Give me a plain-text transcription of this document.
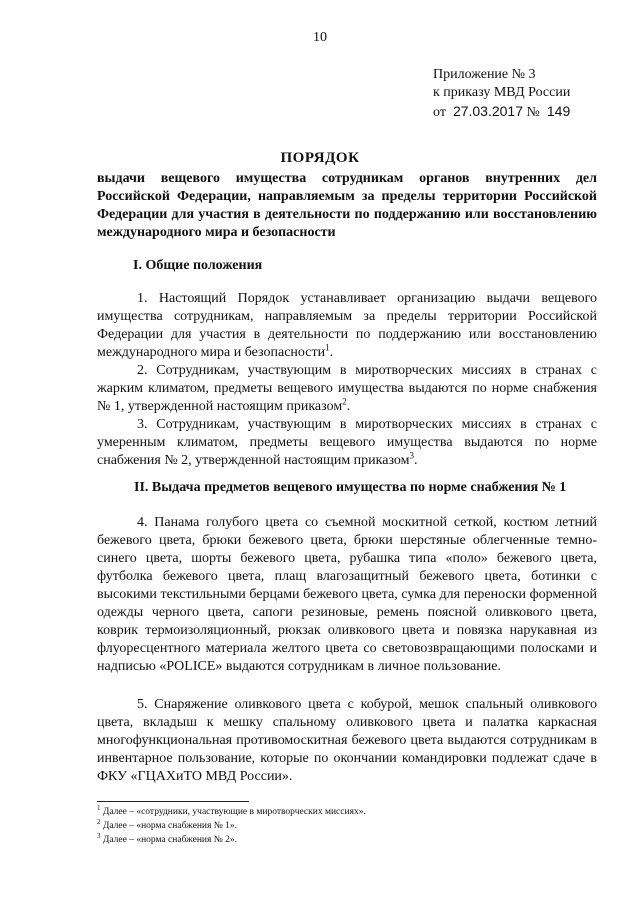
10
Приложение № 3
к приказу МВД России
от 27.03.2017 № 149
ПОРЯДОК
выдачи вещевого имущества сотрудникам органов внутренних дел Российской Федерации, направляемым за пределы территории Российской Федерации для участия в деятельности по поддержанию или восстановлению международного мира и безопасности
I. Общие положения
1. Настоящий Порядок устанавливает организацию выдачи вещевого имущества сотрудникам, направляемым за пределы территории Российской Федерации для участия в деятельности по поддержанию или восстановлению международного мира и безопасности$^1$.
2. Сотрудникам, участвующим в миротворческих миссиях в странах с жарким климатом, предметы вещевого имущества выдаются по норме снабжения № 1, утвержденной настоящим приказом$^2$.
3. Сотрудникам, участвующим в миротворческих миссиях в странах с умеренным климатом, предметы вещевого имущества выдаются по норме снабжения № 2, утвержденной настоящим приказом$^3$.
II. Выдача предметов вещевого имущества по норме снабжения № 1
4. Панама голубого цвета со съемной москитной сеткой, костюм летний бежевого цвета, брюки бежевого цвета, брюки шерстяные облегченные темно-синего цвета, шорты бежевого цвета, рубашка типа «поло» бежевого цвета, футболка бежевого цвета, плащ влагозащитный бежевого цвета, ботинки с высокими текстильными берцами бежевого цвета, сумка для переноски форменной одежды черного цвета, сапоги резиновые, ремень поясной оливкового цвета, коврик термоизоляционный, рюкзак оливкового цвета и повязка нарукавная из флуоресцентного материала желтого цвета со световозвращающими полосками и надписью «POLICE» выдаются сотрудникам в личное пользование.
5. Снаряжение оливкового цвета с кобурой, мешок спальный оливкового цвета, вкладыш к мешку спальному оливкового цвета и палатка каркасная многофункциональная противомоскитная бежевого цвета выдаются сотрудникам в инвентарное пользование, которые по окончании командировки подлежат сдаче в ФКУ «ГЦАХиТО МВД России».
$^1$ Далее – «сотрудники, участвующие в миротворческих миссиях».
$^2$ Далее – «норма снабжения № 1».
$^3$ Далее – «норма снабжения № 2».
